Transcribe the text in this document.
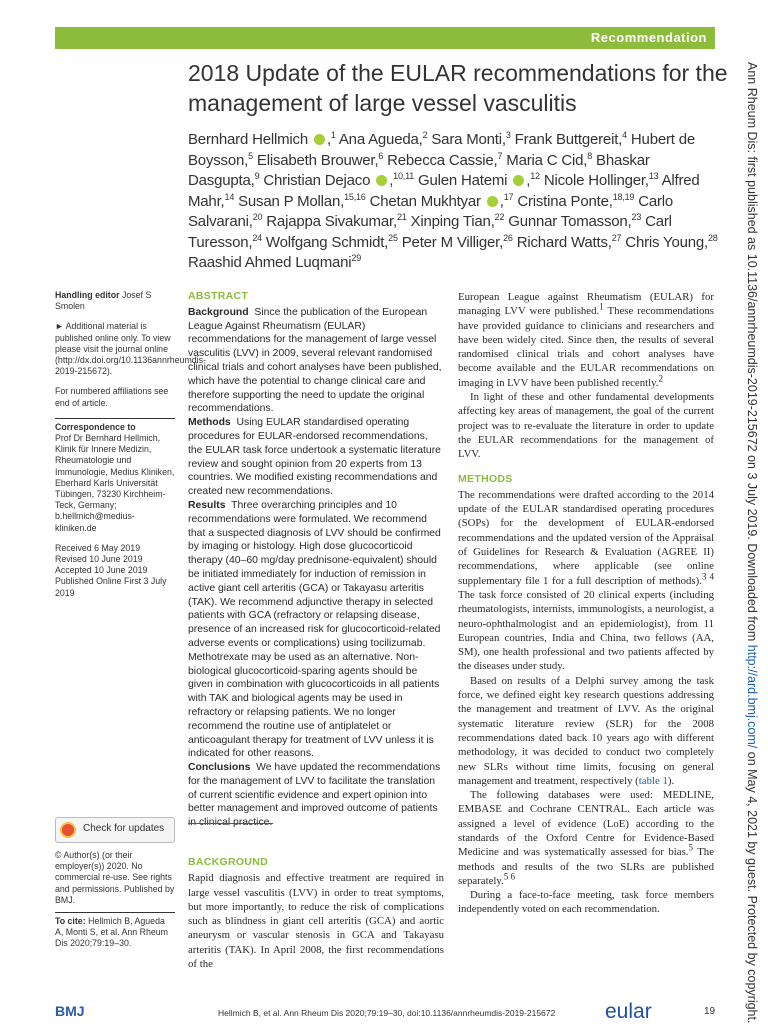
Recommendation
2018 Update of the EULAR recommendations for the management of large vessel vasculitis
Bernhard Hellmich ,$^1$ Ana Agueda,$^2$ Sara Monti,$^3$ Frank Buttgereit,$^4$ Hubert de Boysson,$^5$ Elisabeth Brouwer,$^6$ Rebecca Cassie,$^7$ Maria C Cid,$^8$ Bhaskar Dasgupta,$^9$ Christian Dejaco ,$^{10,11}$ Gulen Hatemi ,$^{12}$ Nicole Hollinger,$^{13}$ Alfred Mahr,$^{14}$ Susan P Mollan,$^{15,16}$ Chetan Mukhtyar ,$^{17}$ Cristina Ponte,$^{18,19}$ Carlo Salvarani,$^{20}$ Rajappa Sivakumar,$^{21}$ Xinping Tian,$^{22}$ Gunnar Tomasson,$^{23}$ Carl Turesson,$^{24}$ Wolfgang Schmidt,$^{25}$ Peter M Villiger,$^{26}$ Richard Watts,$^{27}$ Chris Young,$^{28}$ Raashid Ahmed Luqmani$^{29}$
Handling editor Josef S Smolen
► Additional material is published online only. To view please visit the journal online (http://dx.doi.org/10.1136annrheumdis-2019-215672).
For numbered affiliations see end of article.
Correspondence to
Prof Dr Bernhard Hellmich, Klinik für Innere Medizin, Rheumatologie und Immunologie, Medius Kliniken, Eberhard Karls Universität Tübingen, 73230 Kirchheim-Teck, Germany; b.hellmich@medius-kliniken.de
Received 6 May 2019
Revised 10 June 2019
Accepted 10 June 2019
Published Online First 3 July 2019
Check for updates
© Author(s) (or their employer(s)) 2020. No commercial re-use. See rights and permissions. Published by BMJ.
To cite: Hellmich B, Agueda A, Monti S, et al. Ann Rheum Dis 2020;79:19–30.
ABSTRACT

Background Since the publication of the European League Against Rheumatism (EULAR) recommendations for the management of large vessel vasculitis (LVV) in 2009, several relevant randomised clinical trials and cohort analyses have been published, which have the potential to change clinical care and therefore supporting the need to update the original recommendations.

Methods Using EULAR standardised operating procedures for EULAR-endorsed recommendations, the EULAR task force undertook a systematic literature review and sought opinion from 20 experts from 13 countries. We modified existing recommendations and created new recommendations.

Results Three overarching principles and 10 recommendations were formulated. We recommend that a suspected diagnosis of LVV should be confirmed by imaging or histology. High dose glucocorticoid therapy (40–60 mg/day prednisone-equivalent) should be initiated immediately for induction of remission in active giant cell arteritis (GCA) or Takayasu arteritis (TAK). We recommend adjunctive therapy in selected patients with GCA (refractory or relapsing disease, presence of an increased risk for glucocorticoid-related adverse events or complications) using tocilizumab. Methotrexate may be used as an alternative. Non-biological glucocorticoid-sparing agents should be given in combination with glucocorticoids in all patients with TAK and biological agents may be used in refractory or relapsing patients. We no longer recommend the routine use of antiplatelet or anticoagulant therapy for treatment of LVV unless it is indicated for other reasons.

Conclusions We have updated the recommendations for the management of LVV to facilitate the translation of current scientific evidence and expert opinion into better management and improved outcome of patients in clinical practice.

BACKGROUND

Rapid diagnosis and effective treatment are required in large vessel vasculitis (LVV) in order to treat symptoms, but more importantly, to reduce the risk of complications such as blindness in giant cell arteritis (GCA) and aortic aneurysm or vascular stenosis in GCA and Takayasu arteritis (TAK). In April 2008, the first recommendations of the

European League against Rheumatism (EULAR) for managing LVV were published.$^1$ These recommendations have provided guidance to clinicians and researchers and have been widely cited. Since then, the results of several randomised clinical trials and cohort analyses have become available and the EULAR recommendations on imaging in LVV have been published recently.$^2$

In light of these and other fundamental developments affecting key areas of management, the goal of the current project was to re-evaluate the literature in order to update the EULAR recommendations for the management of LVV.

METHODS

The recommendations were drafted according to the 2014 update of the EULAR standardised operating procedures (SOPs) for the development of EULAR-endorsed recommendations and the updated version of the Appraisal of Guidelines for Research & Evaluation (AGREE II) recommendations, where applicable (see online supplementary file 1 for a full description of methods).$^{3 4}$ The task force consisted of 20 clinical experts (including rheumatologists, internists, immunologists, a neurologist, a neuro-ophthalmologist and an epidemiologist), from 11 European countries, India and China, two fellows (AA, SM), one health professional and two patients affected by the diseases under study.

Based on results of a Delphi survey among the task force, we defined eight key research questions addressing the management and treatment of LVV. As the original systematic literature review (SLR) for the 2008 recommendations dated back 10 years ago with different methodology, it was decided to conduct two completely new SLRs without time limits, focusing on general management and treatment, respectively (table 1).

The following databases were used: MEDLINE, EMBASE and Cochrane CENTRAL. Each article was assigned a level of evidence (LoE) according to the standards of the Oxford Centre for Evidence-Based Medicine and was systematically assessed for bias.$^5$ The methods and results of the two SLRs are published separately.$^{5 6}$

During a face-to-face meeting, task force members independently voted on each recommendation.

Ann Rheum Dis: first published as 10.1136/annrheumdis-2019-215672 on 3 July 2019. Downloaded from http://ard.bmj.com/ on May 4, 2021 by guest. Protected by copyright.
BMJ	Hellmich B, et al. Ann Rheum Dis 2020;79:19–30, doi:10.1136/annrheumdis-2019-215672 eular	19
